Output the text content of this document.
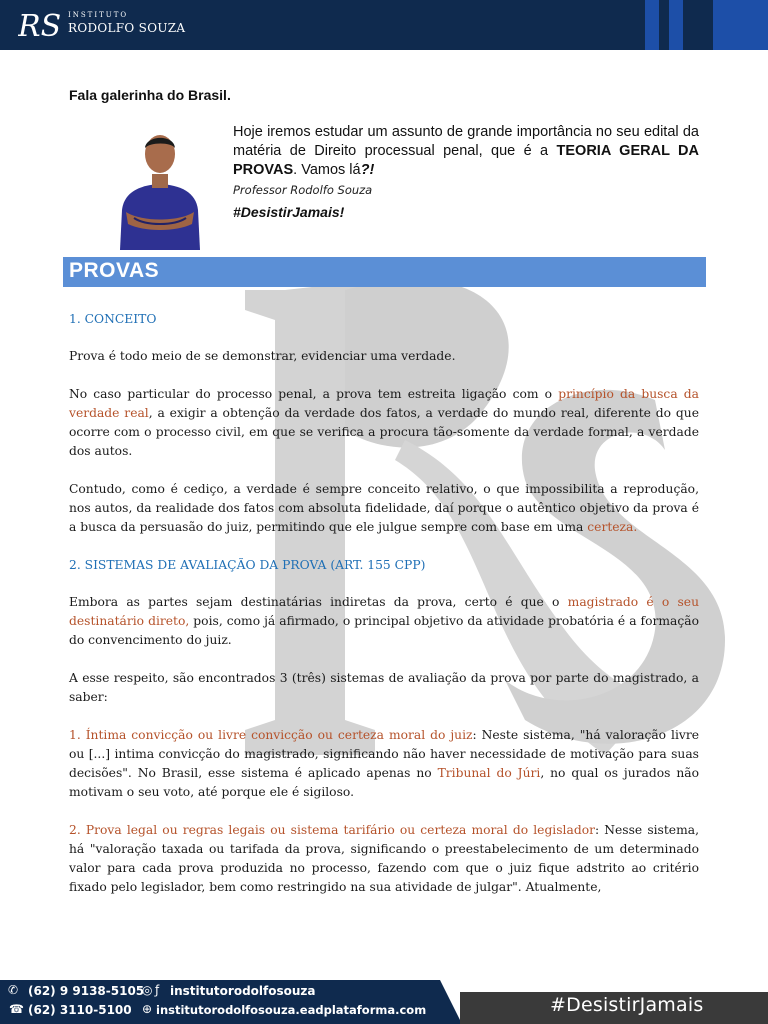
RS INSTITUTO
RODOLFO SOUZA
Fala galerinha do Brasil.
Hoje iremos estudar um assunto de grande importância no seu edital da matéria de Direito processual penal, que é a TEORIA GERAL DA PROVAS. Vamos lá?!
Professor Rodolfo Souza
#DesistirJamais!
PROVAS

1. CONCEITO

Prova é todo meio de se demonstrar, evidenciar uma verdade.

No caso particular do processo penal, a prova tem estreita ligação com o princípio da busca da verdade real, a exigir a obtenção da verdade dos fatos, a verdade do mundo real, diferente do que ocorre com o processo civil, em que se verifica a procura tão-somente da verdade formal, a verdade dos autos.

Contudo, como é cediço, a verdade é sempre conceito relativo, o que impossibilita a reprodução, nos autos, da realidade dos fatos com absoluta fidelidade, daí porque o autêntico objetivo da prova é a busca da persuasão do juiz, permitindo que ele julgue sempre com base em uma certeza.

2. SISTEMAS DE AVALIAÇÃO DA PROVA (ART. 155 CPP)

Embora as partes sejam destinatárias indiretas da prova, certo é que o magistrado é o seu destinatário direto, pois, como já afirmado, o principal objetivo da atividade probatória é a formação do convencimento do juiz.

A esse respeito, são encontrados 3 (três) sistemas de avaliação da prova por parte do magistrado, a saber:

1. Íntima convicção ou livre convicção ou certeza moral do juiz: Neste sistema, "há valoração livre ou [...] intima convicção do magistrado, significando não haver necessidade de motivação para suas decisões". No Brasil, esse sistema é aplicado apenas no Tribunal do Júri, no qual os jurados não motivam o seu voto, até porque ele é sigiloso.

2. Prova legal ou regras legais ou sistema tarifário ou certeza moral do legislador: Nesse sistema, há "valoração taxada ou tarifada da prova, significando o preestabelecimento de um determinado valor para cada prova produzida no processo, fazendo com que o juiz fique adstrito ao critério fixado pelo legislador, bem como restringido na sua atividade de julgar". Atualmente,

#DesistirJamais
✆ (62) 9 9138-5105
☎ (62) 3110-5100
◎ ƒ institutorodolfosouza
⊕ institutorodolfosouza.eadplataforma.com
